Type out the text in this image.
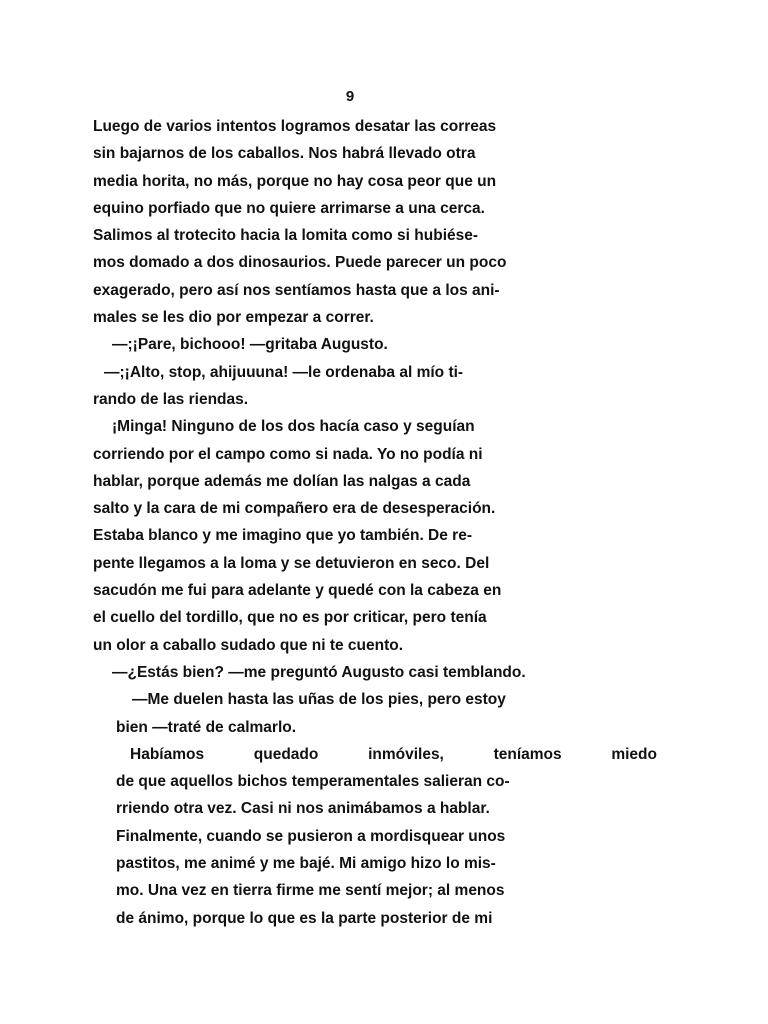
9
Luego de varios intentos logramos desatar las correas
sin bajarnos de los caballos. Nos habrá llevado otra
media horita, no más, porque no hay cosa peor que un
equino porfiado que no quiere arrimarse a una cerca.
Salimos al trotecito hacia la lomita como si hubiése-
mos domado a dos dinosaurios. Puede parecer un poco
exagerado, pero así nos sentíamos hasta que a los ani-
males se les dio por empezar a correr.
—;¡Pare, bichooo! —gritaba Augusto.
—;¡Alto, stop, ahijuuuna! —le ordenaba al mío ti-
rando de las riendas.
¡Minga! Ninguno de los dos hacía caso y seguían
corriendo por el campo como si nada. Yo no podía ni
hablar, porque además me dolían las nalgas a cada
salto y la cara de mi compañero era de desesperación.
Estaba blanco y me imagino que yo también. De re-
pente llegamos a la loma y se detuvieron en seco. Del
sacudón me fui para adelante y quedé con la cabeza en
el cuello del tordillo, que no es por criticar, pero tenía
un olor a caballo sudado que ni te cuento.
—¿Estás bien? —me preguntó Augusto casi temblando.
—Me duelen hasta las uñas de los pies, pero estoy
bien —traté de calmarlo.
Habíamos	quedado	inmóviles,	teníamos	miedo
de que aquellos bichos temperamentales salieran co-
rriendo otra vez. Casi ni nos animábamos a hablar.
Finalmente, cuando se pusieron a mordisquear unos
pastitos, me animé y me bajé. Mi amigo hizo lo mis-
mo. Una vez en tierra firme me sentí mejor; al menos
de ánimo, porque lo que es la parte posterior de mi
